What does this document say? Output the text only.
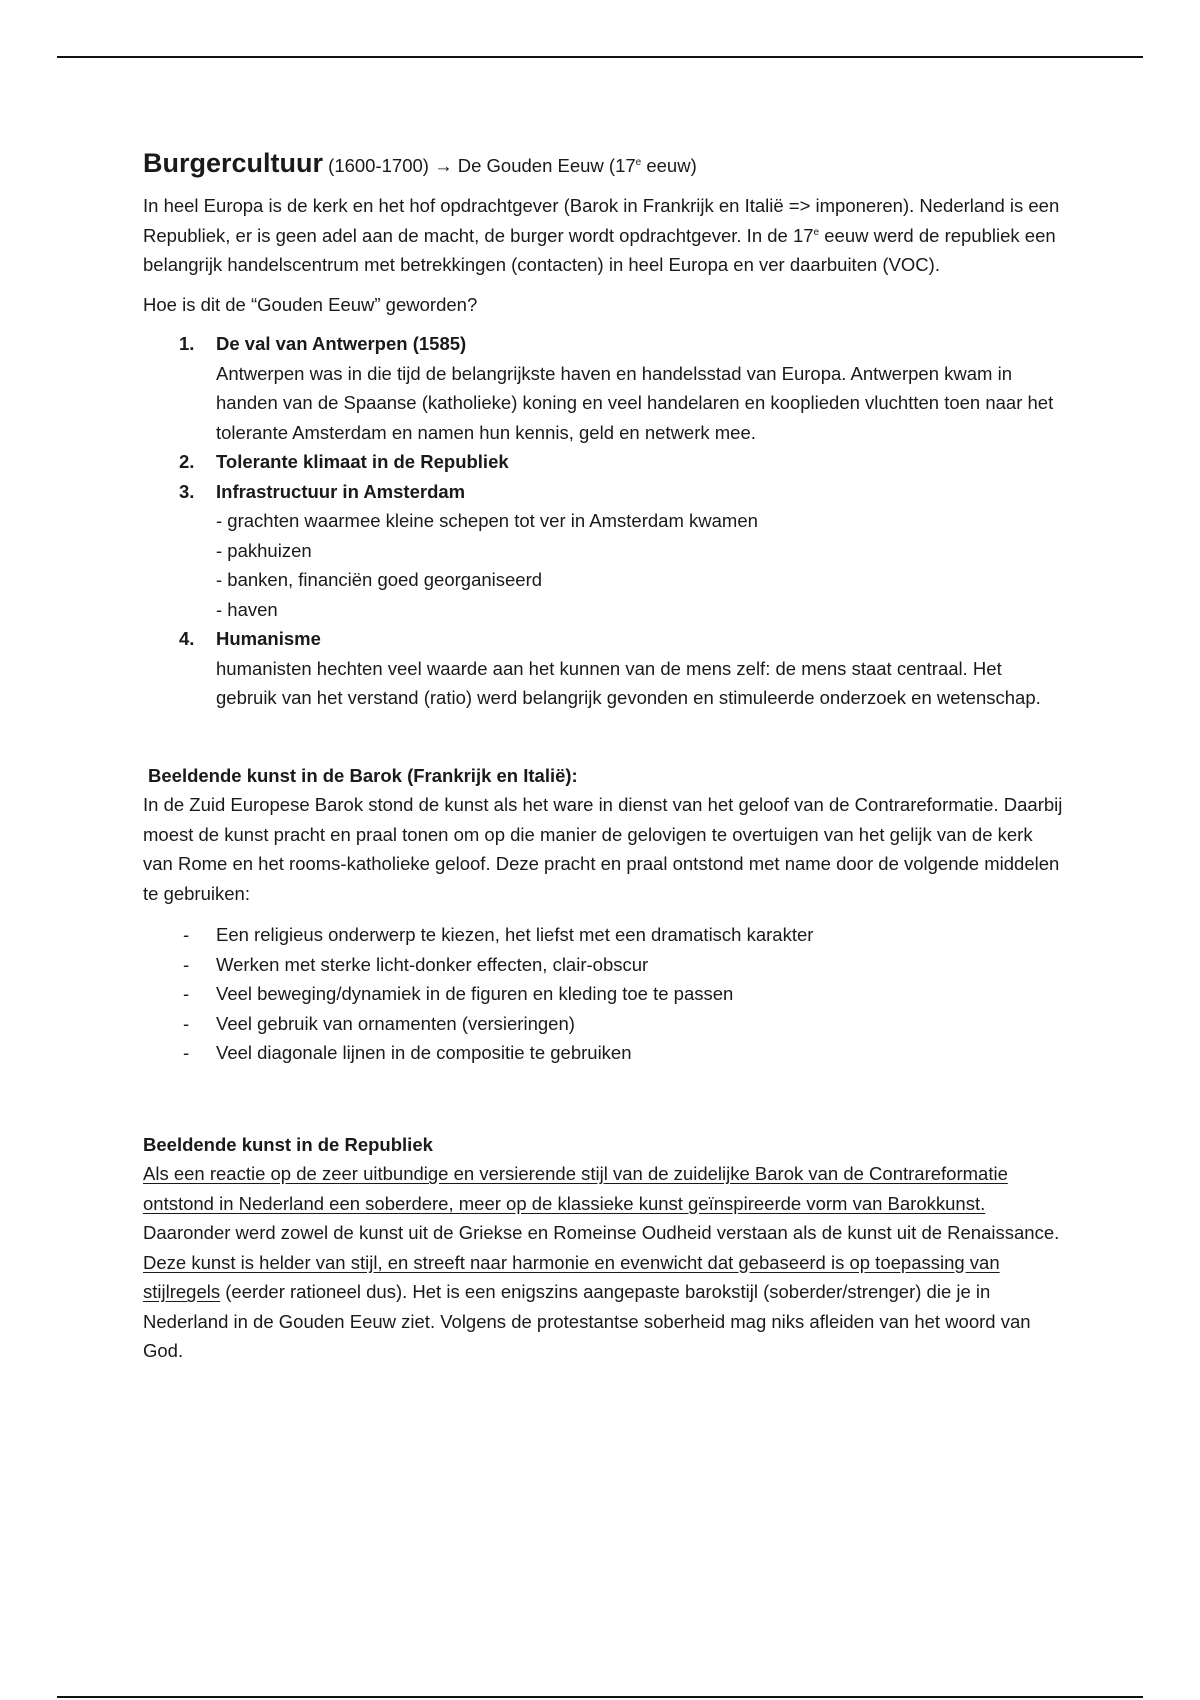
Burgercultuur (1600-1700) → De Gouden Eeuw (17e eeuw)

In heel Europa is de kerk en het hof opdrachtgever (Barok in Frankrijk en Italië => imponeren). Nederland is een Republiek, er is geen adel aan de macht, de burger wordt opdrachtgever. In de 17e eeuw werd de republiek een belangrijk handelscentrum met betrekkingen (contacten) in heel Europa en ver daarbuiten (VOC).

Hoe is dit de “Gouden Eeuw” geworden?

1. De val van Antwerpen (1585)
Antwerpen was in die tijd de belangrijkste haven en handelsstad van Europa. Antwerpen kwam in handen van de Spaanse (katholieke) koning en veel handelaren en kooplieden vluchtten toen naar het tolerante Amsterdam en namen hun kennis, geld en netwerk mee.
2. Tolerante klimaat in de Republiek
3. Infrastructuur in Amsterdam
- grachten waarmee kleine schepen tot ver in Amsterdam kwamen
- pakhuizen
- banken, financiën goed georganiseerd
- haven
4. Humanisme
humanisten hechten veel waarde aan het kunnen van de mens zelf: de mens staat centraal. Het gebruik van het verstand (ratio) werd belangrijk gevonden en stimuleerde onderzoek en wetenschap.
Beeldende kunst in de Barok (Frankrijk en Italië):
In de Zuid Europese Barok stond de kunst als het ware in dienst van het geloof van de Contrareformatie. Daarbij moest de kunst pracht en praal tonen om op die manier de gelovigen te overtuigen van het gelijk van de kerk van Rome en het rooms-katholieke geloof. Deze pracht en praal ontstond met name door de volgende middelen te gebruiken:
- Een religieus onderwerp te kiezen, het liefst met een dramatisch karakter
- Werken met sterke licht-donker effecten, clair-obscur
- Veel beweging/dynamiek in de figuren en kleding toe te passen
- Veel gebruik van ornamenten (versieringen)
- Veel diagonale lijnen in de compositie te gebruiken
Beeldende kunst in de Republiek
Als een reactie op de zeer uitbundige en versierende stijl van de zuidelijke Barok van de Contrareformatie ontstond in Nederland een soberdere, meer op de klassieke kunst geïnspireerde vorm van Barokkunst. Daaronder werd zowel de kunst uit de Griekse en Romeinse Oudheid verstaan als de kunst uit de Renaissance. Deze kunst is helder van stijl, en streeft naar harmonie en evenwicht dat gebaseerd is op toepassing van stijlregels (eerder rationeel dus). Het is een enigszins aangepaste barokstijl (soberder/strenger) die je in Nederland in de Gouden Eeuw ziet. Volgens de protestantse soberheid mag niks afleiden van het woord van God.
